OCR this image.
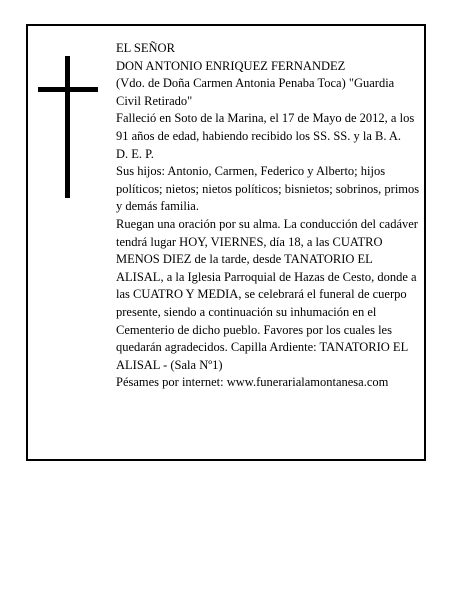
EL SEÑOR

DON ANTONIO ENRIQUEZ FERNANDEZ

(Vdo. de Doña Carmen Antonia Penaba Toca) "Guardia Civil Retirado"

Falleció en Soto de la Marina, el 17 de Mayo de 2012, a los 91 años de edad, habiendo recibido los SS. SS. y la B. A.

D. E. P.

Sus hijos: Antonio, Carmen, Federico y Alberto; hijos políticos; nietos; nietos políticos; bisnietos; sobrinos, primos y demás familia.

Ruegan una oración por su alma. La conducción del cadáver tendrá lugar HOY, VIERNES, día 18, a las CUATRO MENOS DIEZ de la tarde, desde TANATORIO EL ALISAL, a la Iglesia Parroquial de Hazas de Cesto, donde a las CUATRO Y MEDIA, se celebrará el funeral de cuerpo presente, siendo a continuación su inhumación en el Cementerio de dicho pueblo. Favores por los cuales les quedarán agradecidos. Capilla Ardiente: TANATORIO EL ALISAL - (Sala Nº1)

Pésames por internet: www.funerarialamontanesa.com
